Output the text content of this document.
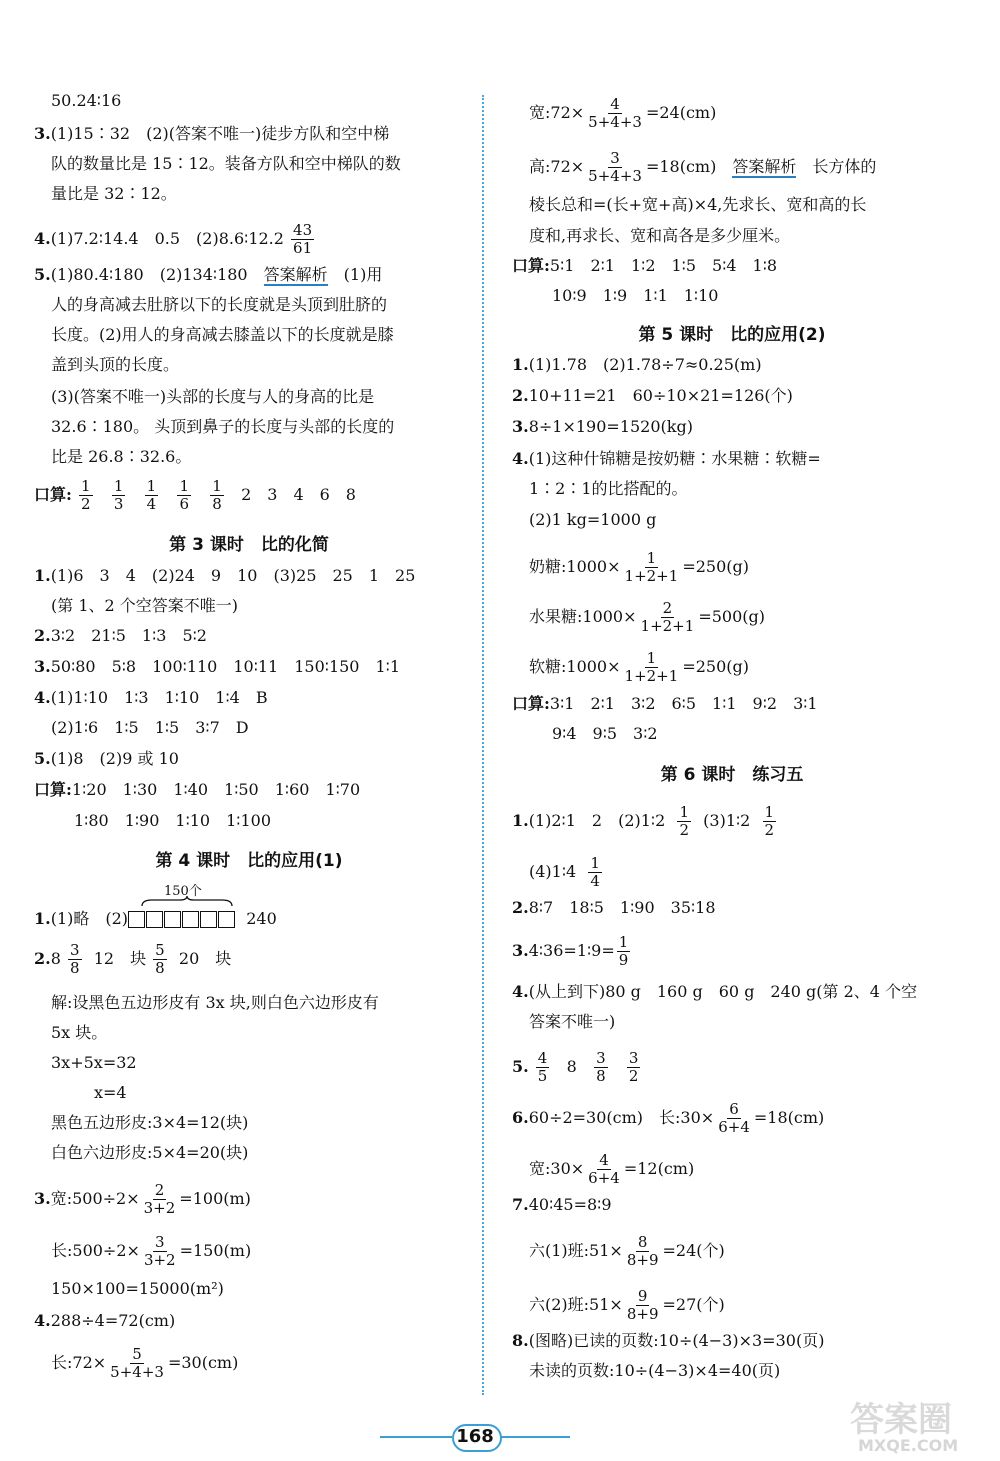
50.24∶16
3.(1)15∶32　(2)(答案不唯一)徒步方队和空中梯
队的数量比是 15∶12。装备方队和空中梯队的数
量比是 32∶12。
4.(1)7.2∶14.4　0.5　(2)8.6∶12.2 $\frac{43}{61}$
5.(1)80.4∶180　(2)134∶180　 答案解析　 (1)用
人的身高减去肚脐以下的长度就是头顶到肚脐的
长度。(2)用人的身高减去膝盖以下的长度就是膝
盖到头顶的长度。
(3)(答案不唯一)头部的长度与人的身高的比是
32.6∶180。 头顶到鼻子的长度与头部的长度的
比是 26.8∶32.6。
口算: $\frac{1}{2}$
$\frac{1}{3}$
$\frac{1}{4}$
$\frac{1}{6}$
$\frac{1}{8} 2$　3　4　6　8
第 3 课时　比的化简
1.(1)6　3　4　(2)24　9　10　(3)25　25　1　25
(第 1、2 个空答案不唯一)
2.3∶2　21∶5　1∶3　5∶2
3.50∶80　5∶8　100∶110　10∶11　150∶150　1∶1
4.(1)1∶10　1∶3　1∶10　1∶4　B
(2)1∶6　1∶5　1∶5　3∶7　D
5.(1)8　(2)9 或 10
口算:1∶20　1∶30　1∶40　1∶50　1∶60　1∶70
1∶80　1∶90　1∶10　1∶100
第 4 课时　比的应用(1)
150个
1.(1)略　(2)	240
$2.8 \frac{3}{8} 12$　块 $\frac{5}{8} 20$　块
解:设黑色五边形皮有 3x 块,则白色六边形皮有
5x 块。
3x+5x=32
x=4
黑色五边形皮:3×4=12(块)
白色六边形皮:5×4=20(块)
3.宽:500÷2× $\frac{2}{3+2} =100(m)$
长:500÷2× $\frac{3}{3+2} =150(m)$
150×100=15000(m²)
4.288÷4=72(cm)
长:72× $\frac{5}{5+4+3} =30(cm)$
宽:72× $\frac{4}{5+4+3} =24(cm)$
高:72× $\frac{3}{5+4+3} =18(cm)$　 答案解析　 长方体的
棱长总和=(长+宽+高)×4,先求长、宽和高的长
度和,再求长、宽和高各是多少厘米。
口算:5∶1　2∶1　1∶2　1∶5　5∶4　1∶8
10∶9　1∶9　1∶1　1∶10
第 5 课时　比的应用(2)
1.(1)1.78　(2)1.78÷7≈0.25(m)
2.10+11=21　60÷10×21=126(个)
3.8÷1×190=1520(kg)
4.(1)这种什锦糖是按奶糖∶水果糖∶软糖=
1∶2∶1的比搭配的。
(2)1 kg=1000 g
奶糖:1000× $\frac{1}{1+2+1} =250(g)$
水果糖:1000× $\frac{2}{1+2+1} =500(g)$
软糖:1000× $\frac{1}{1+2+1} =250(g)$
口算:3∶1　2∶1　3∶2　6∶5　1∶1　9∶2　3∶1
9∶4　9∶5　3∶2
第 6 课时　练习五
1.(1)2∶1　2　(2)1∶2 $\frac{1}{2}$ (3)1∶2 $\frac{1}{2}$
(4)1∶4 $\frac{1}{4}$
2.8∶7　18∶5　1∶90　35∶18
3.4∶36=1∶9= $\frac{1}{9}$
4.(从上到下)80 g　160 g　60 g　240 g(第 2、4 个空
答案不唯一)
5. $\frac{4}{5} 8 \frac{3}{8}$
$\frac{3}{2}$
6.60÷2=30(cm)　长:30× $\frac{6}{6+4} =18(cm)$
宽:30× $\frac{4}{6+4} =12(cm)$
7.40∶45=8∶9
六(1)班:51× $\frac{8}{8+9} =24$(个)
六(2)班:51× $\frac{9}{8+9} =27$(个)
8.(图略)已读的页数:10÷(4−3)×3=30(页)
未读的页数:10÷(4−3)×4=40(页)
168	答案圈
MXQE.COM
